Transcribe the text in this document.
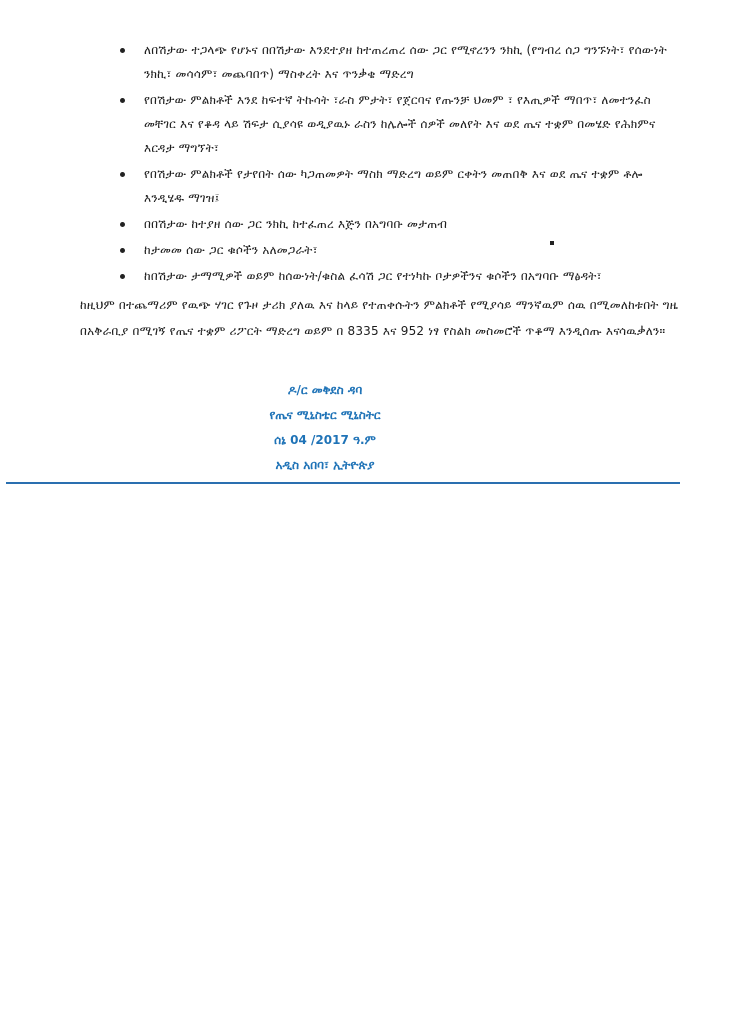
ለበሽታው ተጋላጭ የሆኑና በበሽታው እንደተያዘ ከተጠረጠረ ሰው ጋር የሚኖረንን ንክኪ (የግብረ ሰጋ ግንኙነት፣ የሰውነት ንክኪ፣ መሳሳም፣ መጨባበጥ) ማስቀረት እና ጥንቃቄ ማድረግ
የበሽታው ምልክቶች እንደ ከፍተኛ ትኩሳት ፣ራስ ምታት፣ የጀርባና የጡንቻ ህመም ፣ የእጢዎች ማበጥ፣ ለመተንፈስ መቸገር እና የቆዳ ላይ ሽፍታ ሲያሳዩ ወዲያዉኑ ራስን ከሌሎች ሰዎች መለየት እና ወደ ጤና ተቋም በመሄድ የሕክምና እርዳታ ማግኘት፣
የበሽታው ምልክቶች የታየበት ሰው ካጋጠመዎት ማስክ ማድረግ ወይም ርቀትን መጠበቅ እና ወደ ጤና ተቋም ቶሎ እንዲሄዱ ማገዝ፤
በበሽታው ከተያዘ ሰው ጋር ንክኪ ከተፈጠረ እጅን በአግባቡ መታጠብ
ከታመመ ሰው ጋር ቁሶችን አለመጋራት፣
ከበሽታው ታማሚዎች ወይም ከሰውነት/ቁስል ፈሳሽ ጋር የተነካኩ ቦታዎችንና ቁሶችን በአግባቡ ማፅዳት፣

ከዚህም በተጨማሪም የዉጭ ሃገር የጉዞ ታሪክ ያለዉ እና ከላይ የተጠቀሱትን ምልክቶች የሚያሳይ ማንኛዉም ሰዉ በሚመለከቱበት ግዜ በአቅራቢያ በሚገኝ የጤና ተቋም ሪፖርት ማድረግ ወይም በ 8335 እና 952 ነፃ የስልክ መስመሮች ጥቆማ እንዲሰጡ እናሳዉቃለን።

ዶ/ር መቅደስ ዳባ
የጤና ሚኒስቴር ሚኒስትር
ሰኔ 04 /2017 ዓ.ም
አዲስ አበባ፣ ኢትዮጵያ
